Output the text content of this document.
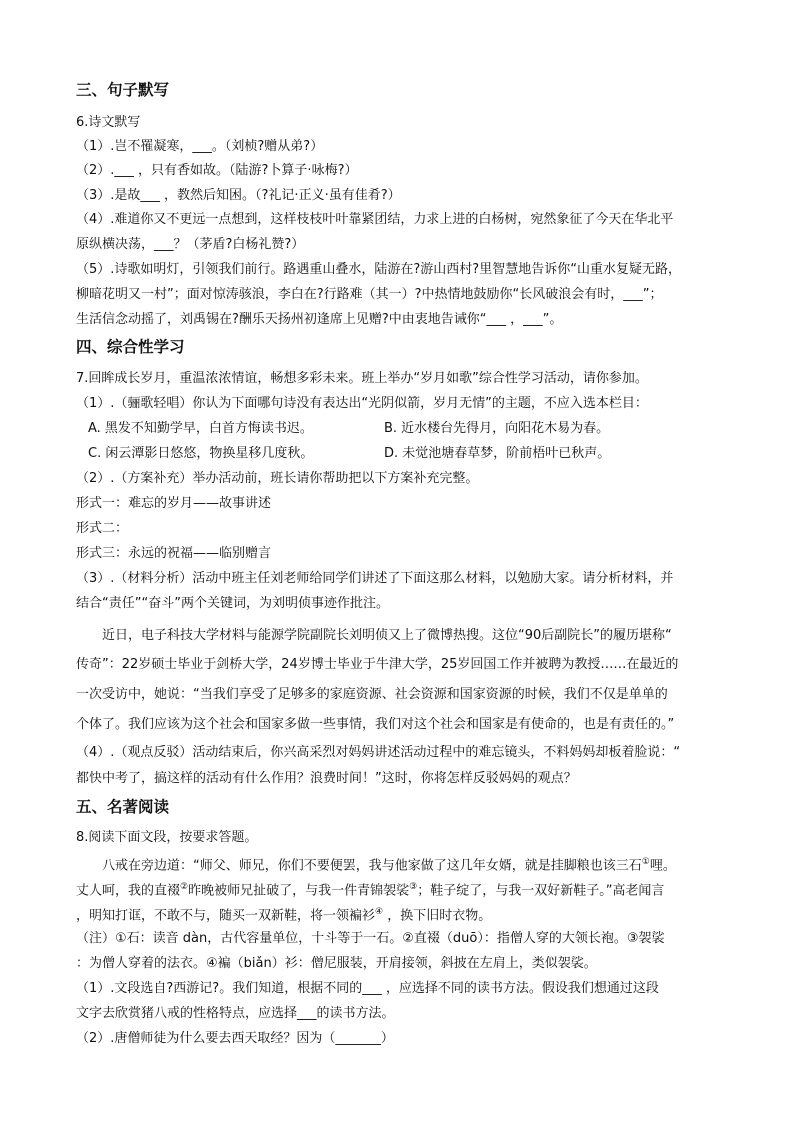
三、句子默写
6.诗文默写
（1）.岂不罹凝寒，___。（刘桢?赠从弟?）
（2）.___ ，只有香如故。（陆游?卜算子·咏梅?）
（3）.是故___ ，教然后知困。（?礼记·正义·虽有佳肴?）
（4）.难道你又不更远一点想到，这样枝枝叶叶靠紧团结，力求上进的白杨树，宛然象征了今天在华北平
原纵横决荡，___？（茅盾?白杨礼赞?）
（5）.诗歌如明灯，引领我们前行。路遇重山叠水，陆游在?游山西村?里智慧地告诉你“山重水复疑无路，
柳暗花明又一村”；面对惊涛骇浪，李白在?行路难（其一）?中热情地鼓励你“长风破浪会有时，___”；
生活信念动摇了，刘禹锡在?酬乐天扬州初逢席上见赠?中由衷地告诫你“___ ，___”。
四、综合性学习
7.回眸成长岁月，重温浓浓情谊，畅想多彩未来。班上举办“岁月如歌”综合性学习活动，请你参加。
（1）.（骊歌轻唱）你认为下面哪句诗没有表达出“光阴似箭，岁月无情”的主题，不应入选本栏目：
A. 黑发不知勤学早，白首方悔读书迟。	B. 近水楼台先得月，向阳花木易为春。
C. 闲云潭影日悠悠，物换星移几度秋。	D. 未觉池塘春草梦，阶前梧叶已秋声。
（2）.（方案补充）举办活动前，班长请你帮助把以下方案补充完整。
形式一：难忘的岁月——故事讲述
形式二：
形式三：永远的祝福——临别赠言
（3）.（材料分析）活动中班主任刘老师给同学们讲述了下面这那么材料，以勉励大家。请分析材料，并
结合“责任”“奋斗”两个关键词，为刘明侦事迹作批注。
近日，电子科技大学材料与能源学院副院长刘明侦又上了微博热搜。这位“90后副院长”的履历堪称“
传奇”：22岁硕士毕业于剑桥大学，24岁博士毕业于牛津大学，25岁回国工作并被聘为教授……在最近的
一次受访中，她说：“当我们享受了足够多的家庭资源、社会资源和国家资源的时候，我们不仅是单单的
个体了。我们应该为这个社会和国家多做一些事情，我们对这个社会和国家是有使命的，也是有责任的。”
（4）.（观点反驳）活动结束后，你兴高采烈对妈妈讲述活动过程中的难忘镜头，不料妈妈却板着脸说：“
都快中考了，搞这样的活动有什么作用？浪费时间！”这时，你将怎样反驳妈妈的观点？
五、名著阅读
8.阅读下面文段，按要求答题。
八戒在旁边道：“师父、师兄，你们不要便罢，我与他家做了这几年女婿，就是挂脚粮也该三石①哩。
丈人呵，我的直裰②昨晚被师兄扯破了，与我一件青锦袈裟③；鞋子绽了，与我一双好新鞋子。”高老闻言
，明知打诓，不敢不与，随买一双新鞋，将一领褊衫④ ，换下旧时衣物。
（注）①石：读音 dàn，古代容量单位，十斗等于一石。②直裰（duō）：指僧人穿的大领长袍。③袈裟
：为僧人穿着的法衣。④褊（biǎn）衫：僧尼服装，开肩接领，斜披在左肩上，类似袈裟。
（1）.文段选自?西游记?。我们知道，根据不同的___ ，应选择不同的读书方法。假设我们想通过这段
文字去欣赏猪八戒的性格特点，应选择___的读书方法。
（2）.唐僧师徒为什么要去西天取经？因为（_______）
